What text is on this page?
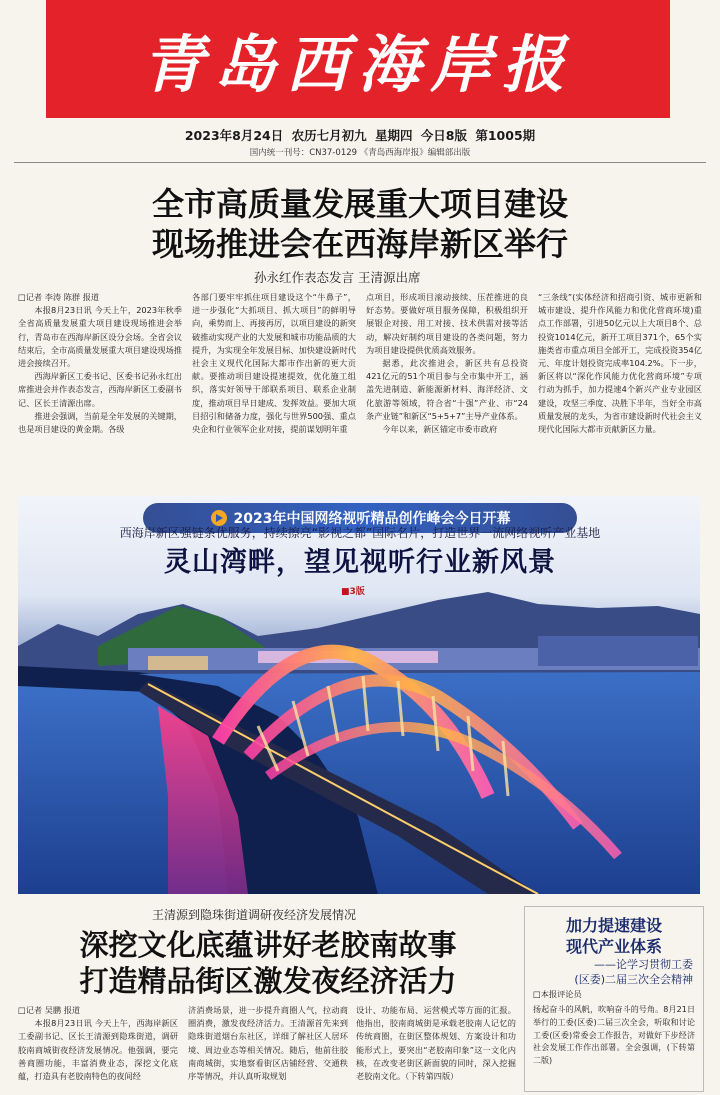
青岛西海岸报
2023年8月24日 农历七月初九 星期四 今日8版 第1005期
国内统一刊号：CN37-0129 《青岛西海岸报》编辑部出版
全市高质量发展重大项目建设
现场推进会在西海岸新区举行
孙永红作表态发言 王清源出席

□记者 李涛 陈群 报道

本报8月23日讯 今天上午，2023年秋季全省高质量发展重大项目建设现场推进会举行，青岛市在西海岸新区设分会场。全省会议结束后，全市高质量发展重大项目建设现场推进会接续召开。

西海岸新区工委书记、区委书记孙永红出席推进会并作表态发言，西海岸新区工委副书记、区长王清源出席。

推进会强调，当前是全年发展的关键期，也是项目建设的黄金期。各级

各部门要牢牢抓住项目建设这个“牛鼻子”，进一步强化“大抓项目、抓大项目”的鲜明导向，乘势而上、再接再厉，以项目建设的新突破推动实现产业的大发展和城市功能品质的大提升，为实现全年发展目标、加快建设新时代社会主义现代化国际大都市作出新的更大贡献。要推动项目建设提速提效，优化施工组织，落实好领导干部联系项目、联系企业制度，推动项目早日建成、发挥效益。要加大项目招引和储备力度，强化与世界500强、重点央企和行业领军企业对接，提前谋划明年重

点项目，形成项目滚动接续、压茬推进的良好态势。要做好项目服务保障，积极组织开展银企对接、用工对接、技术供需对接等活动，解决好制约项目建设的各类问题，努力为项目建设提供优质高效服务。

据悉，此次推进会，新区共有总投资421亿元的51个项目参与全市集中开工，涵盖先进制造、新能源新材料、海洋经济、文化旅游等领域，符合省“十强”产业、市“24条产业链”和新区“5+5+7”主导产业体系。

今年以来，新区锚定市委市政府

“三条线”(实体经济和招商引资、城市更新和城市建设、提升作风能力和优化营商环境)重点工作部署，引进50亿元以上大项目8个、总投资1014亿元，新开工项目371个，65个实施类省市重点项目全部开工，完成投资354亿元、年度计划投资完成率104.2%。下一步，新区将以“深化作风能力优化营商环境”专项行动为抓手，加力提速4个新兴产业专业园区建设，攻坚三季度、决胜下半年，当好全市高质量发展的龙头，为省市建设新时代社会主义现代化国际大都市贡献新区力量。

2023年中国网络视听精品创作峰会今日开幕
西海岸新区强链条优服务，持续擦亮“影视之都”国际名片，打造世界一流网络视听产业基地
灵山湾畔，望见视听行业新风景
■3版
王清源到隐珠街道调研夜经济发展情况
深挖文化底蕴讲好老胶南故事
打造精品街区激发夜经济活力

□记者 吴鹏 报道

本报8月23日讯 今天上午，西海岸新区工委副书记、区长王清源到隐珠街道，调研胶南商城街夜经济发展情况。他强调，要完善商圈功能，丰富消费业态，深挖文化底蕴，打造具有老胶南特色的夜间经

济消费场景，进一步提升商圈人气，拉动商圈消费，激发夜经济活力。王清源首先来到隐珠街道烟台东社区，详细了解社区人居环境、周边业态等相关情况。随后，他前往胶南商城街，实地察看街区店铺经营、交通秩序等情况，并认真听取规划

设计、功能布局、运营模式等方面的汇报。他指出，胶南商城街是承载老胶南人记忆的传统商圈，在街区整体规划、方案设计和功能形式上，要突出“老胶南印象”这一文化内核，在改变老街区新面貌的同时，深入挖掘老胶南文化。（下转第四版）

加力提速建设
现代产业体系
——论学习贯彻工委
(区委)二届三次全会精神
□本报评论员
扬起奋斗的风帆，吹响奋斗的号角。8月21日举行的工委(区委)二届三次全会，听取和讨论工委(区委)常委会工作报告，对做好下步经济社会发展工作作出部署。全会强调，(下转第二版)
